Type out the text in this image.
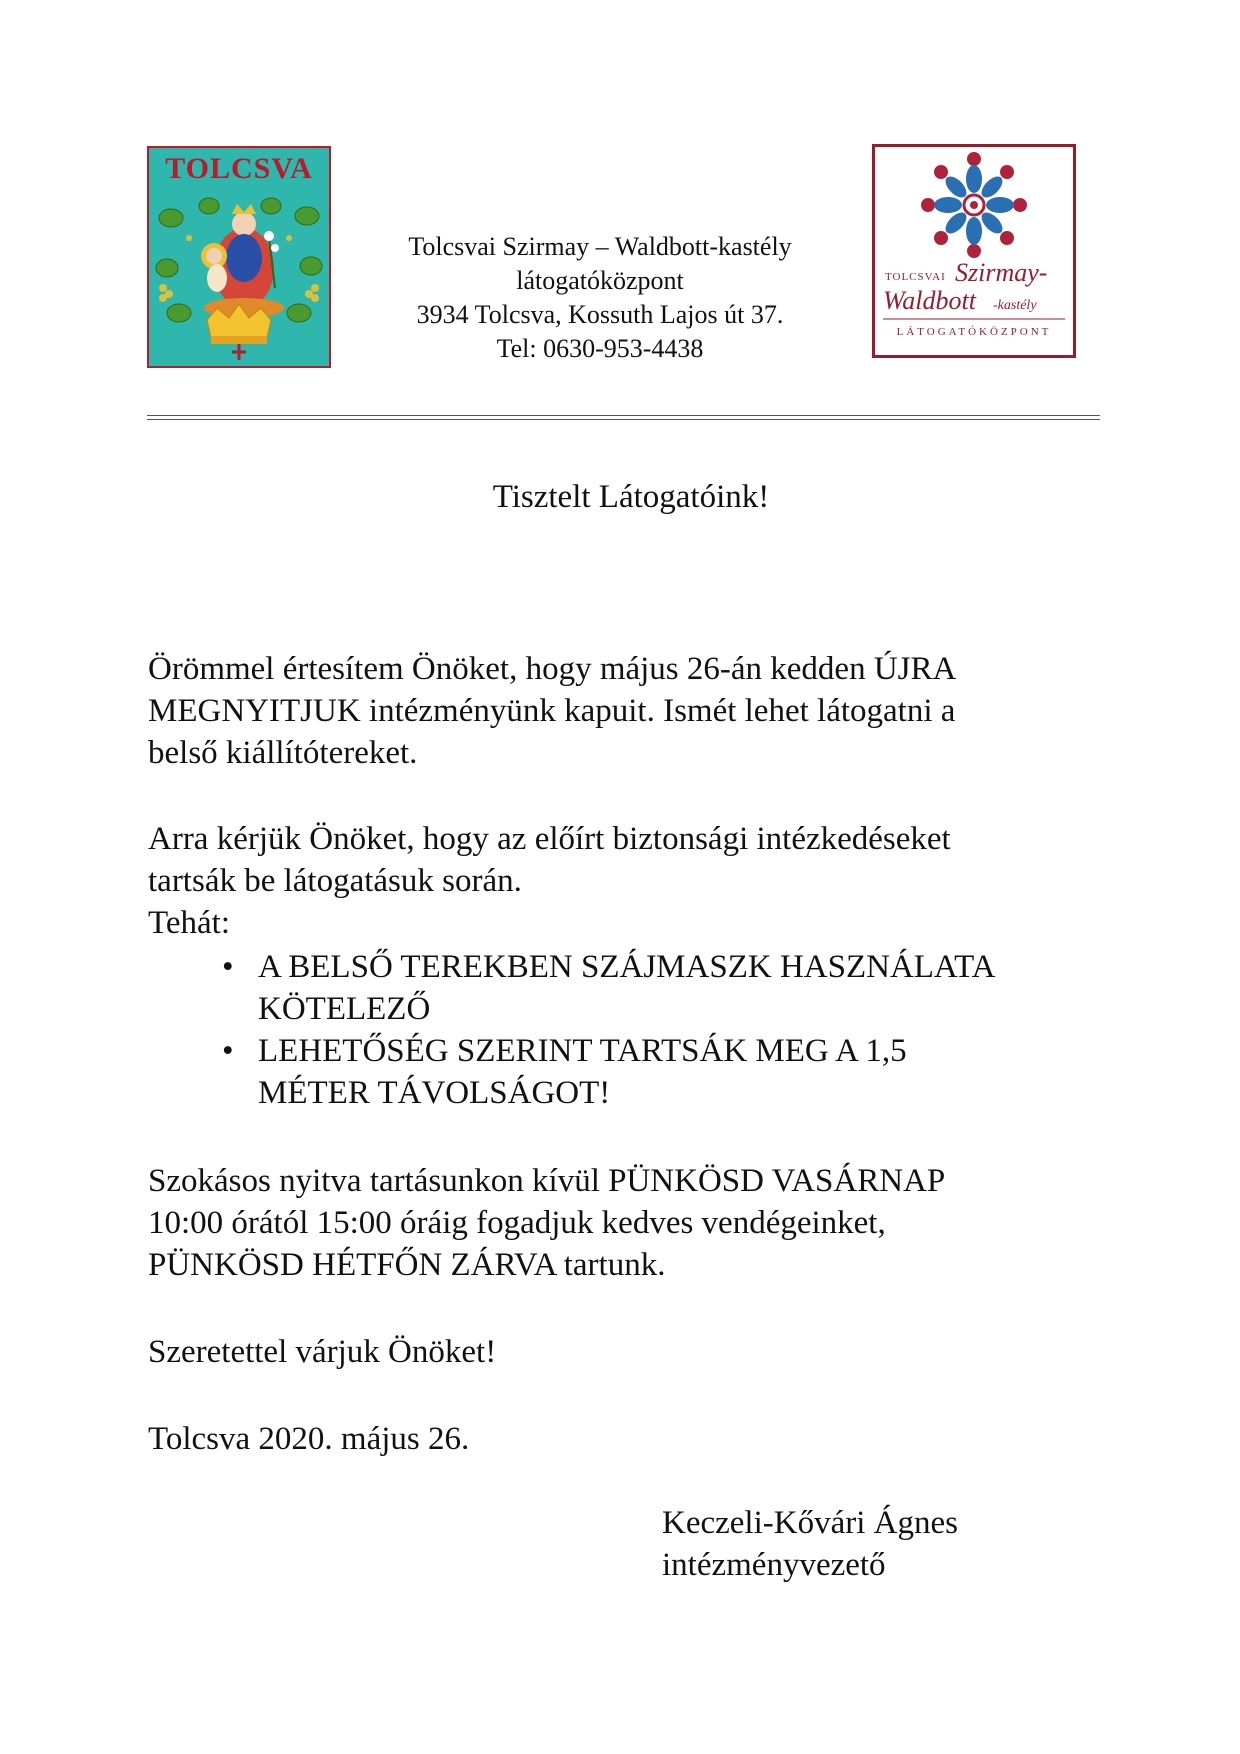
TOLCSVA
Tolcsvai Szirmay – Waldbott-kastély
látogatóközpont
3934 Tolcsva, Kossuth Lajos út 37.
Tel: 0630-953-4438
TOLCSVAI Szirmay-
Waldbott -kastély
LÁTOGATÓKÖZPONT
Tisztelt Látogatóink!
Örömmel értesítem Önöket, hogy május 26-án kedden ÚJRA
MEGNYITJUK intézményünk kapuit. Ismét lehet látogatni a
belső kiállítótereket.
Arra kérjük Önöket, hogy az előírt biztonsági intézkedéseket
tartsák be látogatásuk során.
Tehát:
• A BELSŐ TEREKBEN SZÁJMASZK HASZNÁLATA
KÖTELEZŐ
• LEHETŐSÉG SZERINT TARTSÁK MEG A 1,5
MÉTER TÁVOLSÁGOT!
Szokásos nyitva tartásunkon kívül PÜNKÖSD VASÁRNAP
10:00 órától 15:00 óráig fogadjuk kedves vendégeinket,
PÜNKÖSD HÉTFŐN ZÁRVA tartunk.
Szeretettel várjuk Önöket!
Tolcsva 2020. május 26.
Keczeli-Kővári Ágnes
intézményvezető
